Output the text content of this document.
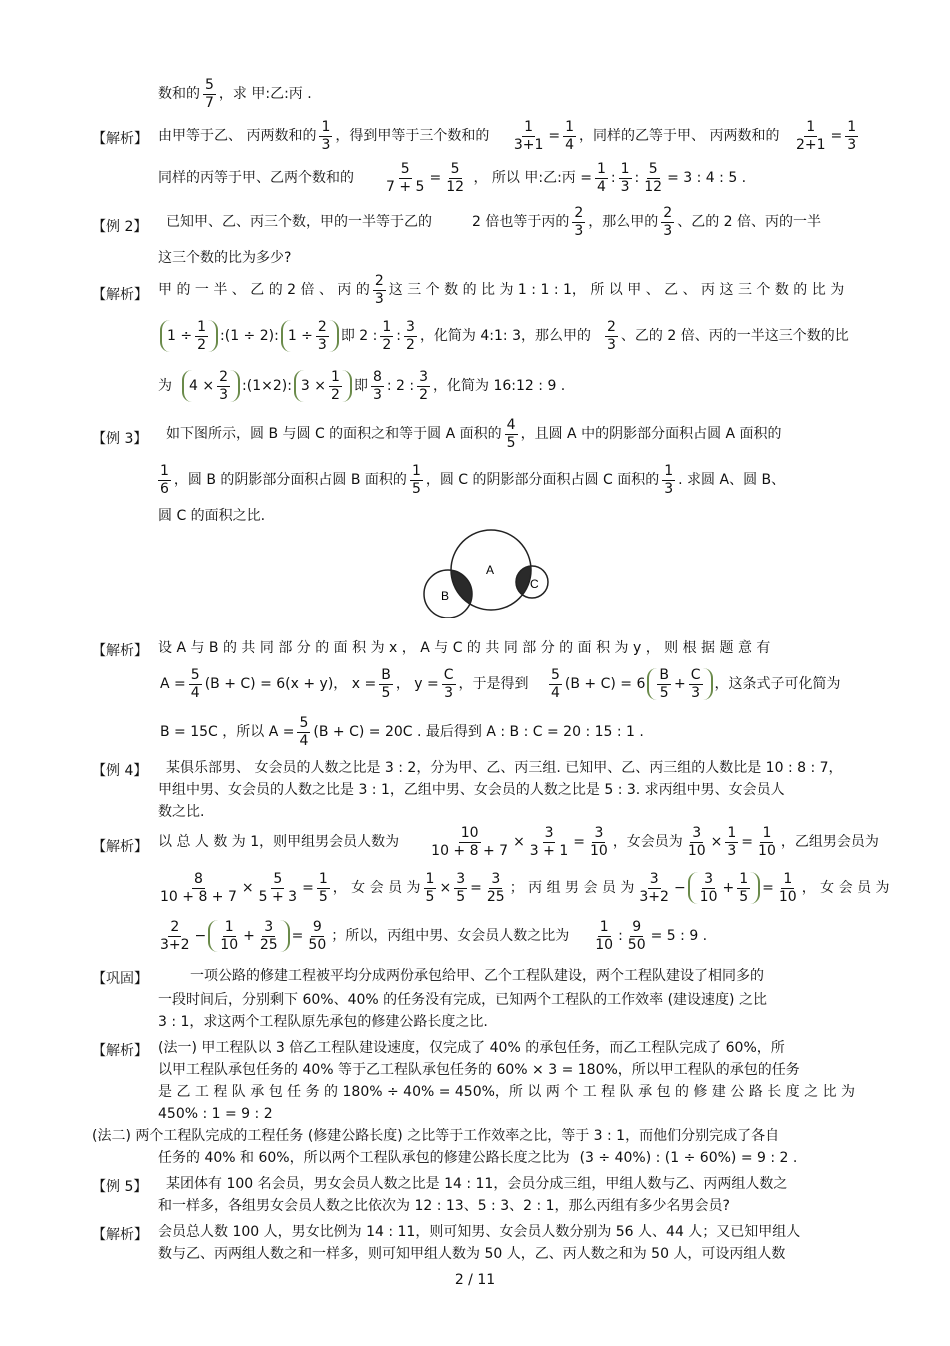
数和的 $\frac{5}{7}$ ，求 甲:乙:丙 .
【解析】 由甲等于乙、 丙两数和的 $\frac{1}{3}$ ，得到甲等于三个数和的 $\frac{1}{3+1} = \frac{1}{4}$ ，同样的乙等于甲、 丙两数和的 $\frac{1}{2+1} = \frac{1}{3}$
同样的丙等于甲、乙两个数和的 $\frac{5}{7 + 5} = \frac{5}{12}$ ， 所以 甲:乙:丙 = $\frac{1}{4}$ : $\frac{1}{3}$ : $\frac{5}{12} = 3$ : 4 : 5 .
【例 2】 已知甲、乙、丙三个数，甲的一半等于乙的	2 倍也等于丙的 $\frac{2}{3}$ ，那么甲的 $\frac{2}{3}$ 、乙的 2 倍、丙的一半
这三个数的比为多少?
【解析】 甲 的 一 半 、 乙 的 2 倍 、 丙 的 $\frac{2}{3}$ 这 三 个 数 的 比 为 1 : 1 : 1， 所 以 甲 、 乙 、 丙 这 三 个 数 的 比 为
$1 \div \frac{1}{2}$ :(1 ÷ 2): $1 \div \frac{2}{3}$ 即 2 : $\frac{1}{2}$ : $\frac{3}{2}$ ，化简为 4:1: 3，那么甲的 $\frac{2}{3}$ 、乙的 2 倍、丙的一半这三个数的比
为 $4 \times \frac{2}{3}$ :(1×2): $3 \times \frac{1}{2}$ 即 $\frac{8}{3}$ : 2 : $\frac{3}{2}$ ，化简为 16:12 : 9 .
【例 3】 如下图所示，圆 B 与圆 C 的面积之和等于圆 A 面积的 $\frac{4}{5}$ ，且圆 A 中的阴影部分面积占圆 A 面积的
$\frac{1}{6}$ ，圆 B 的阴影部分面积占圆 B 面积的 $\frac{1}{5}$ ，圆 C 的阴影部分面积占圆 C 面积的 $\frac{1}{3}$ . 求圆 A、圆 B、
圆 C 的面积之比.
A
B
C
【解析】 设 A 与 B 的 共 同 部 分 的 面 积 为 x ， A 与 C 的 共 同 部 分 的 面 积 为 y ， 则 根 据 题 意 有
$A = \frac{5}{4} (B + C) = 6(x + y)$， $x = \frac{B}{5}$ ， $y = \frac{C}{3}$ ，于是得到 $\frac{5}{4} (B + C) = 6 \frac{B}{5} + \frac{C}{3}$ ，这条式子可化简为
B = 15C ，所以 $A = \frac{5}{4} (B + C) = 20C$ . 最后得到 A : B : C = 20 : 15 : 1 .
【例 4】 某俱乐部男、 女会员的人数之比是 3 : 2，分为甲、乙、丙三组. 已知甲、乙、丙三组的人数比是 10 : 8 : 7，
甲组中男、女会员的人数之比是 3 : 1，乙组中男、女会员的人数之比是 5 : 3. 求丙组中男、女会员人
数之比.
【解析】 以 总 人 数 为 1，则甲组男会员人数为 $\frac{10}{10 + 8 + 7} \times \frac{3}{3 + 1} = \frac{3}{10}$ ，女会员为 $\frac{3}{10} \times \frac{1}{3} = \frac{1}{10}$ ，乙组男会员为
$\frac{8}{10 + 8 + 7} \times \frac{5}{5 + 3} = \frac{1}{5}$ ， 女 会 员 为 $\frac{1}{5} \times \frac{3}{5} = \frac{3}{25}$ ； 丙 组 男 会 员 为 $\frac{3}{3+2} - \frac{3}{10} + \frac{1}{5} = \frac{1}{10}$ ， 女 会 员 为
$\frac{2}{3+2} - \frac{1}{10} + \frac{3}{25} = \frac{9}{50}$ ；所以，丙组中男、女会员人数之比为 $\frac{1}{10}$ : $\frac{9}{50} = 5$ : 9 .
【巩固】	一项公路的修建工程被平均分成两份承包给甲、乙个工程队建设，两个工程队建设了相同多的
一段时间后，分别剩下 60%、40% 的任务没有完成，已知两个工程队的工作效率 (建设速度) 之比
3 : 1，求这两个工程队原先承包的修建公路长度之比.
【解析】 (法一) 甲工程队以 3 倍乙工程队建设速度，仅完成了 40% 的承包任务，而乙工程队完成了 60%，所
以甲工程队承包任务的 40% 等于乙工程队承包任务的 60% × 3 = 180%，所以甲工程队的承包的任务
是 乙 工 程 队 承 包 任 务 的 180% ÷ 40% = 450%，所 以 两 个 工 程 队 承 包 的 修 建 公 路 长 度 之 比 为
450% : 1 = 9 : 2
(法二) 两个工程队完成的工程任务 (修建公路长度) 之比等于工作效率之比，等于 3 : 1，而他们分别完成了各自
任务的 40% 和 60%，所以两个工程队承包的修建公路长度之比为 (3 ÷ 40%) : (1 ÷ 60%) = 9 : 2 .
【例 5】 某团体有 100 名会员，男女会员人数之比是 14 : 11，会员分成三组，甲组人数与乙、丙两组人数之
和一样多，各组男女会员人数之比依次为 12 : 13、5 : 3、2 : 1，那么丙组有多少名男会员?
【解析】 会员总人数 100 人，男女比例为 14 : 11，则可知男、女会员人数分别为 56 人、44 人；又已知甲组人
数与乙、丙两组人数之和一样多，则可知甲组人数为 50 人，乙、丙人数之和为 50 人，可设丙组人数
2 / 11
